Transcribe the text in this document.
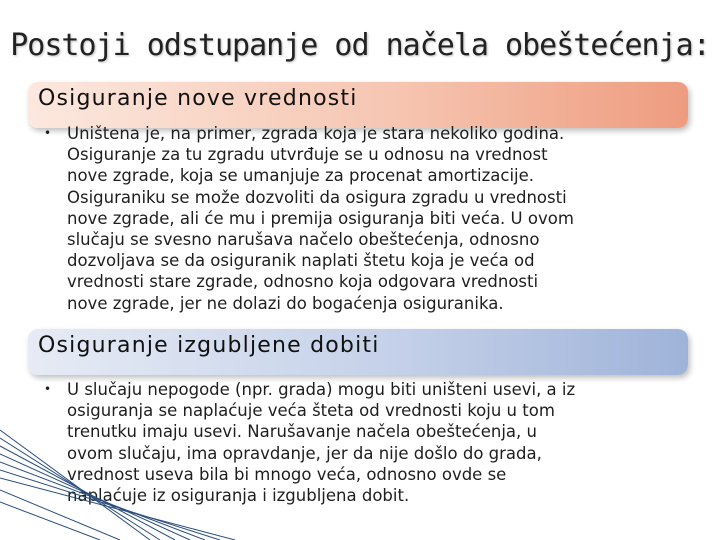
Postoji odstupanje od načela obeštećenja:
Osiguranje nove vrednosti
• Uništena je, na primer, zgrada koja je stara nekoliko godina.
Osiguranje za tu zgradu utvrđuje se u odnosu na vrednost
nove zgrade, koja se umanjuje za procenat amortizacije.
Osiguraniku se može dozvoliti da osigura zgradu u vrednosti
nove zgrade, ali će mu i premija osiguranja biti veća. U ovom
slučaju se svesno narušava načelo obeštećenja, odnosno
dozvoljava se da osiguranik naplati štetu koja je veća od
vrednosti stare zgrade, odnosno koja odgovara vrednosti
nove zgrade, jer ne dolazi do bogaćenja osiguranika.
Osiguranje izgubljene dobiti
• U slučaju nepogode (npr. grada) mogu biti uništeni usevi, a iz
osiguranja se naplaćuje veća šteta od vrednosti koju u tom
trenutku imaju usevi. Narušavanje načela obeštećenja, u
ovom slučaju, ima opravdanje, jer da nije došlo do grada,
vrednost useva bila bi mnogo veća, odnosno ovde se
naplaćuje iz osiguranja i izgubljena dobit.
